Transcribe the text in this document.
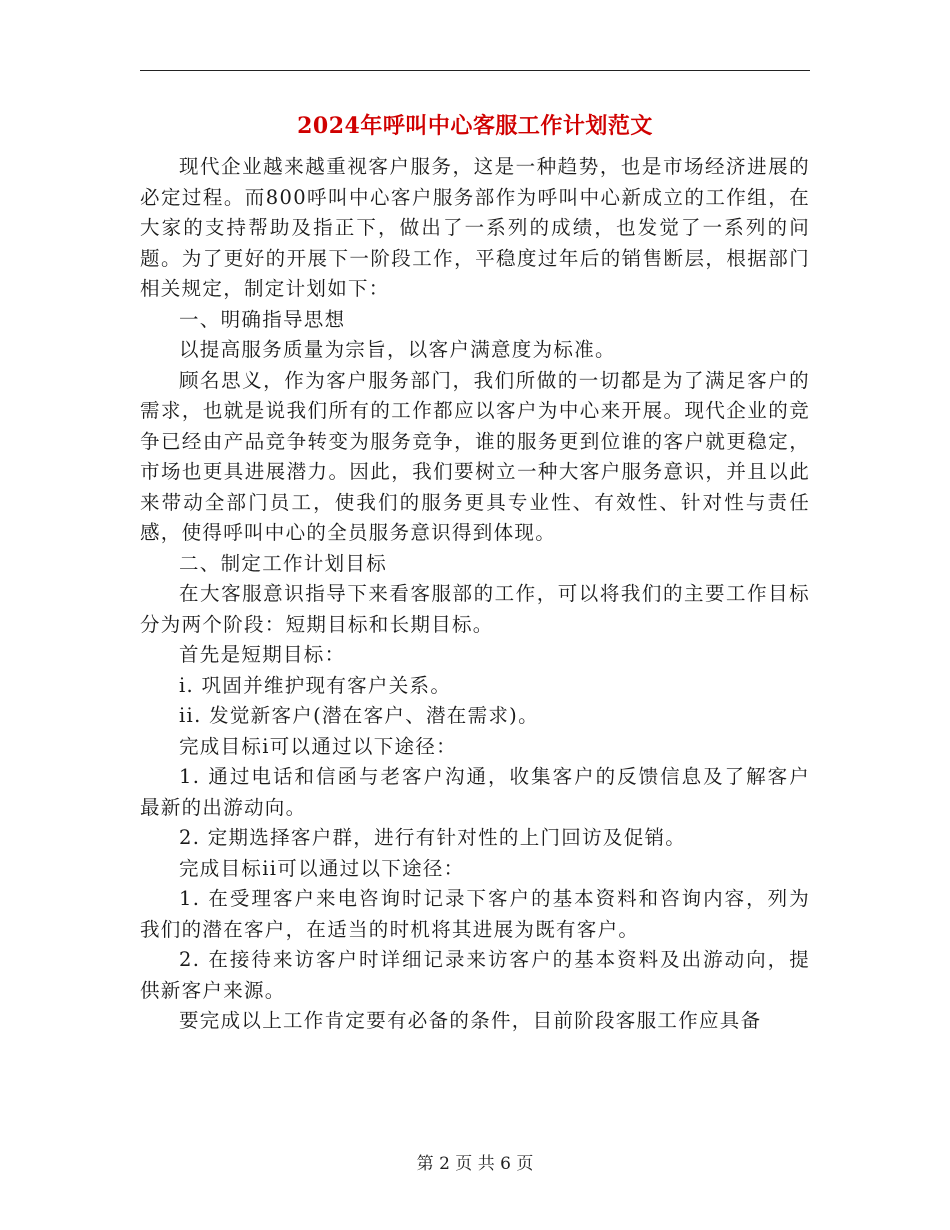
2024年呼叫中心客服工作计划范文

现代企业越来越重视客户服务，这是一种趋势，也是市场经济进展的必定过程。而800呼叫中心客户服务部作为呼叫中心新成立的工作组，在大家的支持帮助及指正下，做出了一系列的成绩，也发觉了一系列的问题。为了更好的开展下一阶段工作，平稳度过年后的销售断层，根据部门相关规定，制定计划如下：

一、明确指导思想

以提高服务质量为宗旨，以客户满意度为标准。

顾名思义，作为客户服务部门，我们所做的一切都是为了满足客户的需求，也就是说我们所有的工作都应以客户为中心来开展。现代企业的竞争已经由产品竞争转变为服务竞争，谁的服务更到位谁的客户就更稳定，市场也更具进展潜力。因此，我们要树立一种大客户服务意识，并且以此来带动全部门员工，使我们的服务更具专业性、有效性、针对性与责任感，使得呼叫中心的全员服务意识得到体现。

二、制定工作计划目标

在大客服意识指导下来看客服部的工作，可以将我们的主要工作目标分为两个阶段：短期目标和长期目标。

首先是短期目标：

i. 巩固并维护现有客户关系。

ii. 发觉新客户(潜在客户、潜在需求)。

完成目标i可以通过以下途径：

1. 通过电话和信函与老客户沟通，收集客户的反馈信息及了解客户最新的出游动向。

2. 定期选择客户群，进行有针对性的上门回访及促销。

完成目标ii可以通过以下途径：

1. 在受理客户来电咨询时记录下客户的基本资料和咨询内容，列为我们的潜在客户，在适当的时机将其进展为既有客户。

2. 在接待来访客户时详细记录来访客户的基本资料及出游动向，提供新客户来源。

要完成以上工作肯定要有必备的条件，目前阶段客服工作应具备

第 2 页 共 6 页
